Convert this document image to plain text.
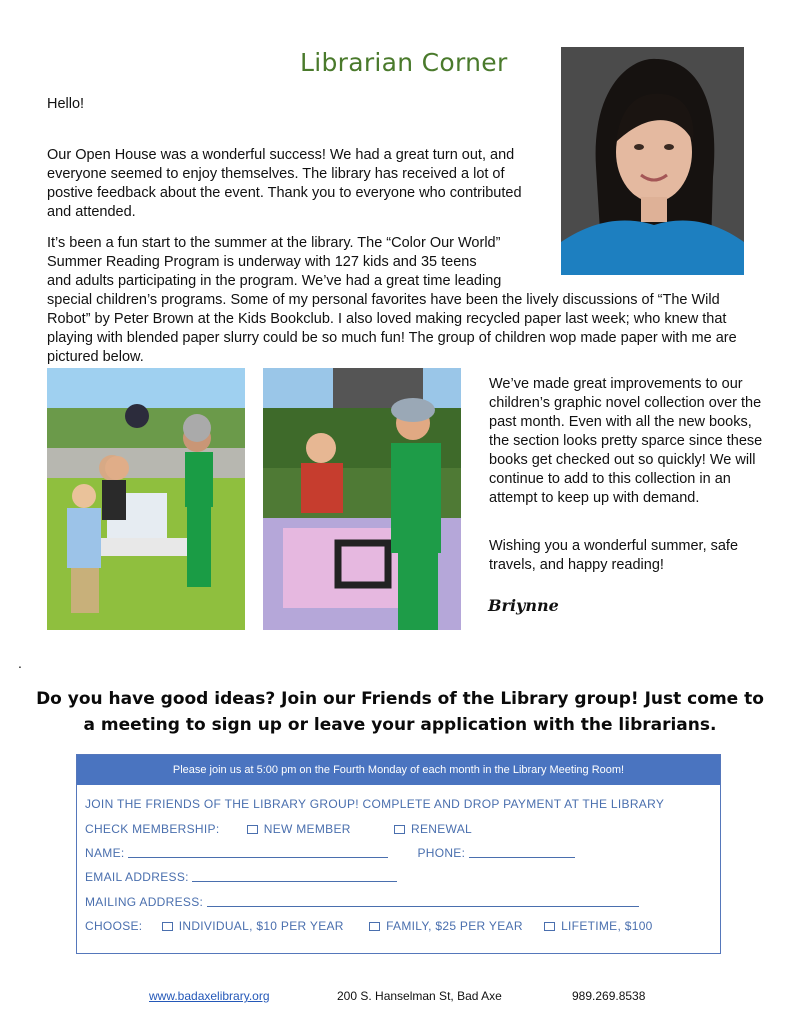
Librarian Corner
Hello!
Our Open House was a wonderful success! We had a great turn out, and everyone seemed to enjoy themselves. The library has received a lot of postive feedback about the event. Thank you to everyone who contributed and attended.
It’s been a fun start to the summer at the library. The “Color Our World”
Summer Reading Program is underway with 127 kids and 35 teens
and adults participating in the program. We’ve had a great time leading
special children’s programs. Some of my personal favorites have been the lively discussions of “The Wild Robot” by Peter Brown at the Kids Bookclub. I also loved making recycled paper last week; who knew that playing with blended paper slurry could be so much fun! The group of children wop made paper with me are pictured below.
We’ve made great improvements to our children’s graphic novel collection over the past month. Even with all the new books, the section looks pretty sparce since these books get checked out so quickly! We will continue to add to this collection in an attempt to keep up with demand.
Wishing you a wonderful summer, safe travels, and happy reading!
Briynne
.
Do you have good ideas? Join our Friends of the Library group! Just come to
a meeting to sign up or leave your application with the librarians.
Please join us at 5:00 pm on the Fourth Monday of each month in the Library Meeting Room!
JOIN THE FRIENDS OF THE LIBRARY GROUP! COMPLETE AND DROP PAYMENT AT THE LIBRARY
CHECK MEMBERSHIP:	NEW MEMBER	RENEWAL
NAME:	PHONE:
EMAIL ADDRESS:
MAILING ADDRESS:
CHOOSE:	INDIVIDUAL, $10 PER YEAR	FAMILY, $25 PER YEAR	LIFETIME, $100
www.badaxelibrary.org	200 S. Hanselman St, Bad Axe	989.269.8538
